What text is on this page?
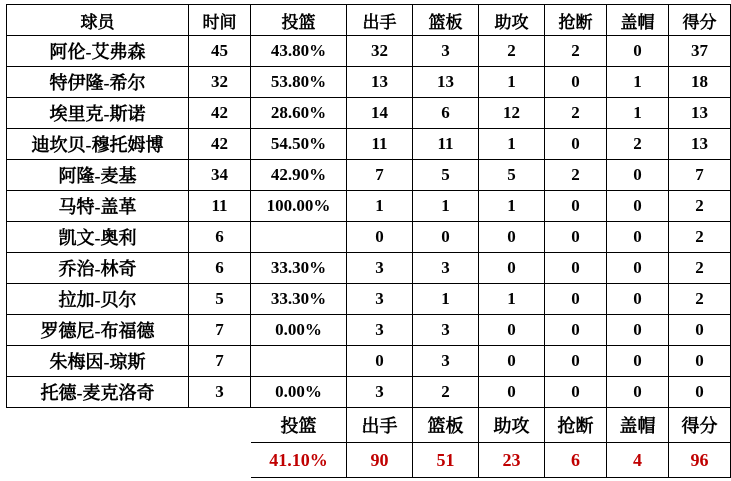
球员	时间	投篮	出手	篮板	助攻	抢断	盖帽	得分
阿伦-艾弗森	45	43.80%	32	3	2	2	0	37
特伊隆-希尔	32	53.80%	13	13	1	0	1	18
埃里克-斯诺	42	28.60%	14	6	12	2	1	13
迪坎贝-穆托姆博	42	54.50%	11	11	1	0	2	13
阿隆-麦基	34	42.90%	7	5	5	2	0	7
马特-盖革	11	100.00%	1	1	1	0	0	2
凯文-奥利	6		0	0	0	0	0	2
乔治-林奇	6	33.30%	3	3	0	0	0	2
拉加-贝尔	5	33.30%	3	1	1	0	0	2
罗德尼-布福德	7	0.00%	3	3	0	0	0	0
朱梅因-琼斯	7		0	3	0	0	0	0
托德-麦克洛奇	3	0.00%	3	2	0	0	0	0
		投篮	出手	篮板	助攻	抢断	盖帽	得分
		41.10%	90	51	23	6	4	96
